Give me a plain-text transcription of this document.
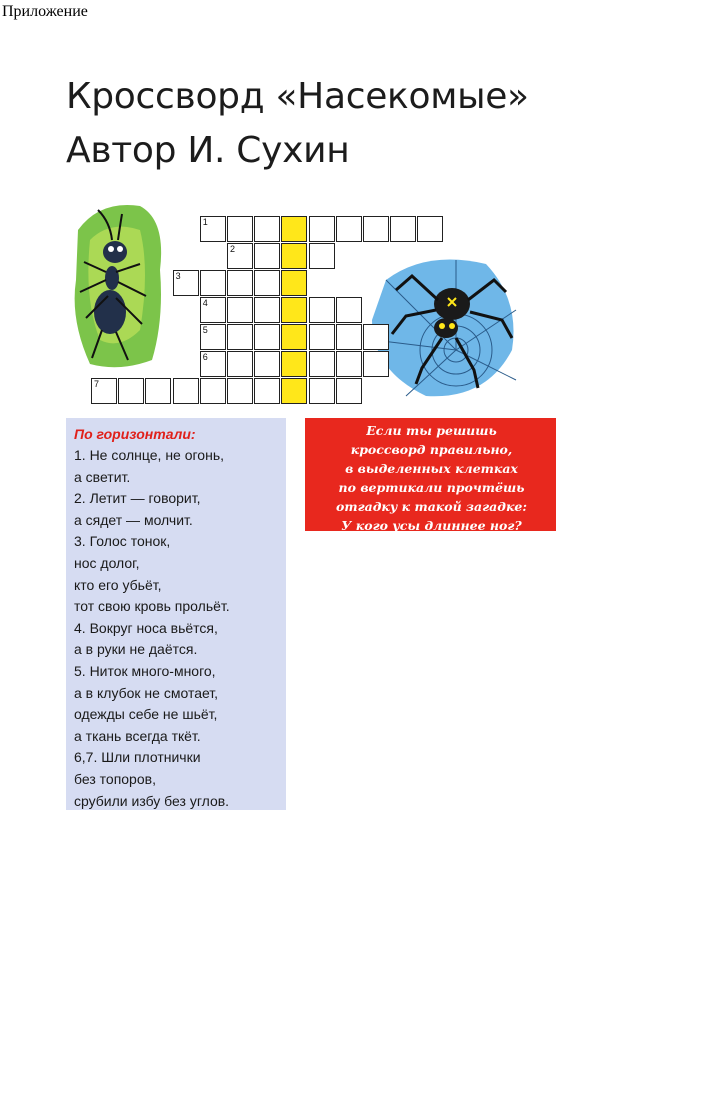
Приложение
Кроссворд «Насекомые»
Автор И. Сухин
1
2
3
4
5
6
7
По горизонтали:
1. Не солнце, не огонь,
а светит.
2. Летит — говорит,
а сядет — молчит.
3. Голос тонок,
нос долог,
кто его убьёт,
тот свою кровь прольёт.
4. Вокруг носа вьётся,
а в руки не даётся.
5. Ниток много-много,
а в клубок не смотает,
одежды себе не шьёт,
а ткань всегда ткёт.
6,7. Шли плотнички
без топоров,
срубили избу без углов.
Если ты решишь
кроссворд правильно,
в выделенных клетках
по вертикали прочтёшь
отгадку к такой загадке:
У кого усы длиннее ног?
